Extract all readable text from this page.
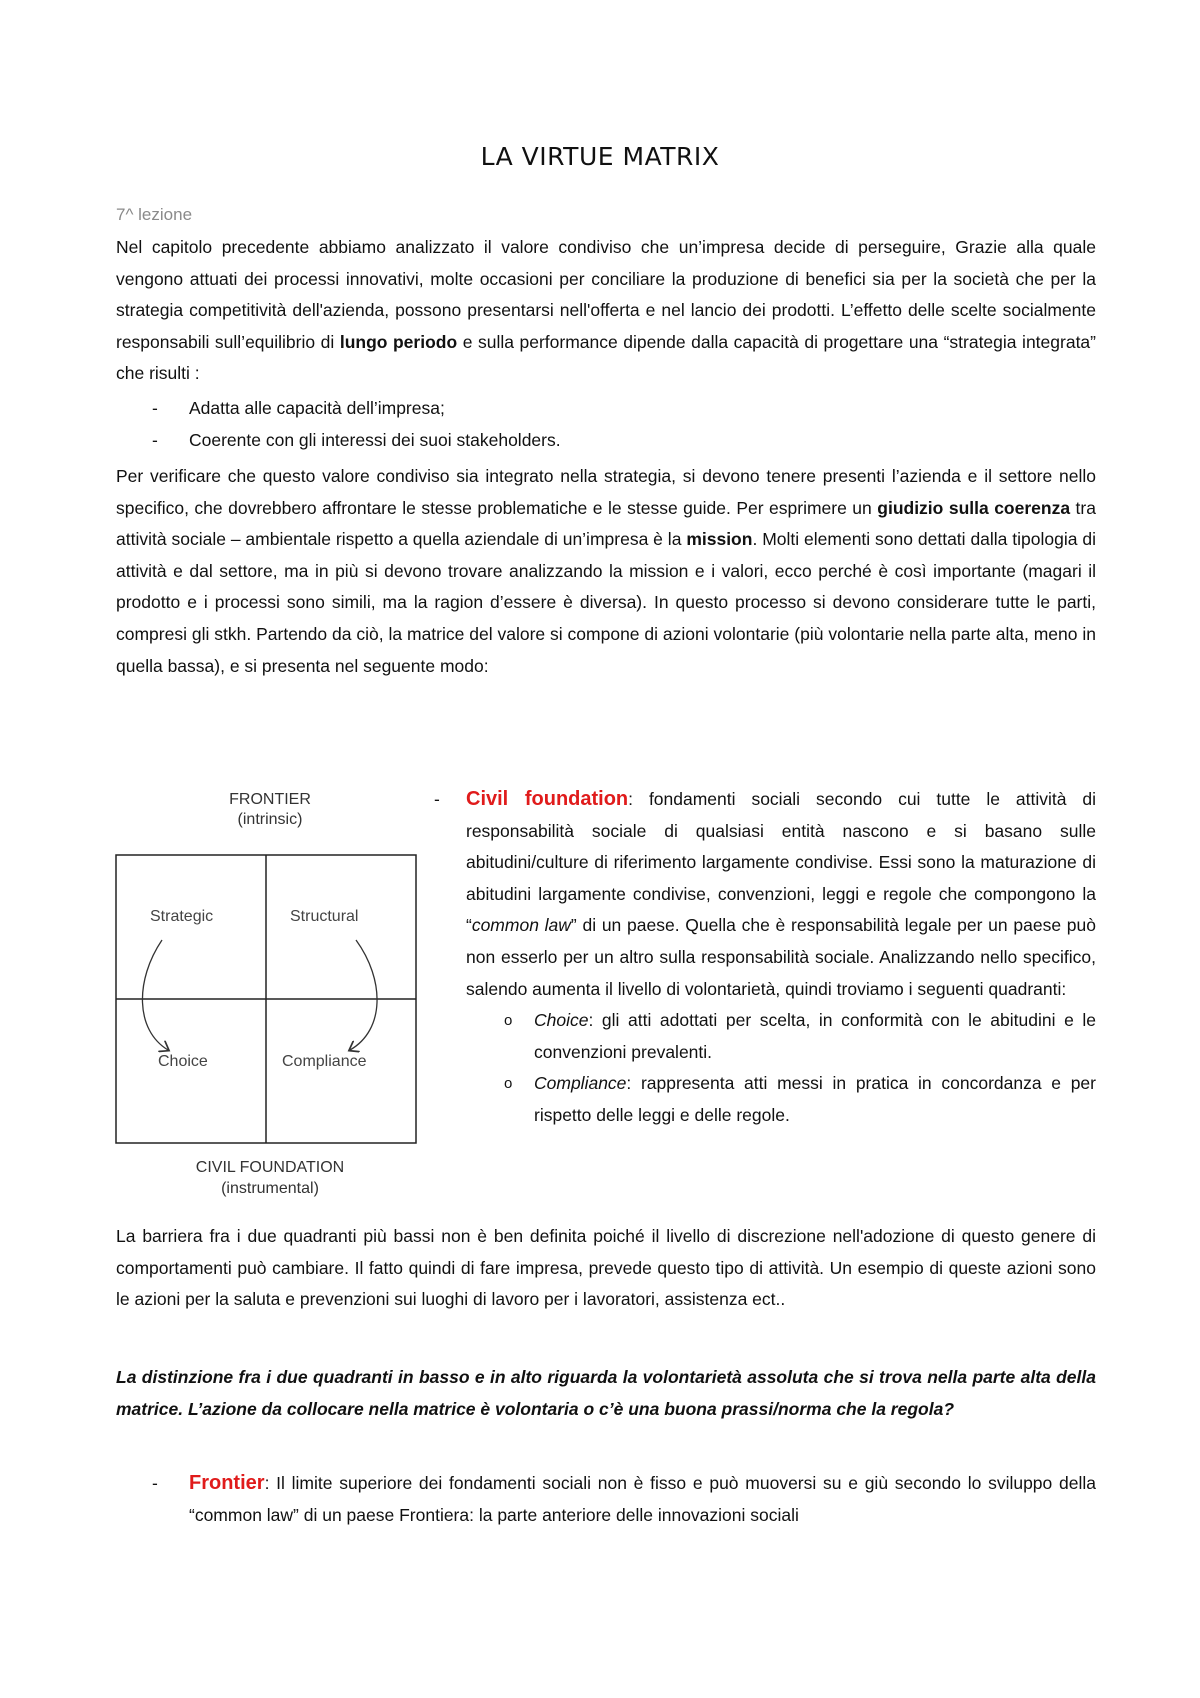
LA VIRTUE MATRIX
7^ lezione

Nel capitolo precedente abbiamo analizzato il valore condiviso che un’impresa decide di perseguire, Grazie alla quale vengono attuati dei processi innovativi, molte occasioni per conciliare la produzione di benefici sia per la società che per la strategia competitività dell'azienda, possono presentarsi nell'offerta e nel lancio dei prodotti. L’effetto delle scelte socialmente responsabili sull’equilibrio di lungo periodo e sulla performance dipende dalla capacità di progettare una “strategia integrata” che risulti :

- Adatta alle capacità dell’impresa;
- Coerente con gli interessi dei suoi stakeholders.

Per verificare che questo valore condiviso sia integrato nella strategia, si devono tenere presenti l’azienda e il settore nello specifico, che dovrebbero affrontare le stesse problematiche e le stesse guide. Per esprimere un giudizio sulla coerenza tra attività sociale – ambientale rispetto a quella aziendale di un’impresa è la mission. Molti elementi sono dettati dalla tipologia di attività e dal settore, ma in più si devono trovare analizzando la mission e i valori, ecco perché è così importante (magari il prodotto e i processi sono simili, ma la ragion d’essere è diversa). In questo processo si devono considerare tutte le parti, compresi gli stkh. Partendo da ciò, la matrice del valore si compone di azioni volontarie (più volontarie nella parte alta, meno in quella bassa), e si presenta nel seguente modo:

FRONTIER
(intrinsic)
Strategic	Structural
Choice	Compliance
CIVIL FOUNDATION
(instrumental)
- Civil foundation: fondamenti sociali secondo cui tutte le attività di responsabilità sociale di qualsiasi entità nascono e si basano sulle abitudini/culture di riferimento largamente condivise. Essi sono la maturazione di abitudini largamente condivise, convenzioni, leggi e regole che compongono la “common law” di un paese. Quella che è responsabilità legale per un paese può non esserlo per un altro sulla responsabilità sociale. Analizzando nello specifico, salendo aumenta il livello di volontarietà, quindi troviamo i seguenti quadranti:
o Choice: gli atti adottati per scelta, in conformità con le abitudini e le convenzioni prevalenti.
o Compliance: rappresenta atti messi in pratica in concordanza e per rispetto delle leggi e delle regole.

La barriera fra i due quadranti più bassi non è ben definita poiché il livello di discrezione nell'adozione di questo genere di comportamenti può cambiare. Il fatto quindi di fare impresa, prevede questo tipo di attività. Un esempio di queste azioni sono le azioni per la saluta e prevenzioni sui luoghi di lavoro per i lavoratori, assistenza ect..

La distinzione fra i due quadranti in basso e in alto riguarda la volontarietà assoluta che si trova nella parte alta della matrice. L’azione da collocare nella matrice è volontaria o c’è una buona prassi/norma che la regola?

- Frontier: Il limite superiore dei fondamenti sociali non è fisso e può muoversi su e giù secondo lo sviluppo della “common law” di un paese Frontiera: la parte anteriore delle innovazioni sociali
